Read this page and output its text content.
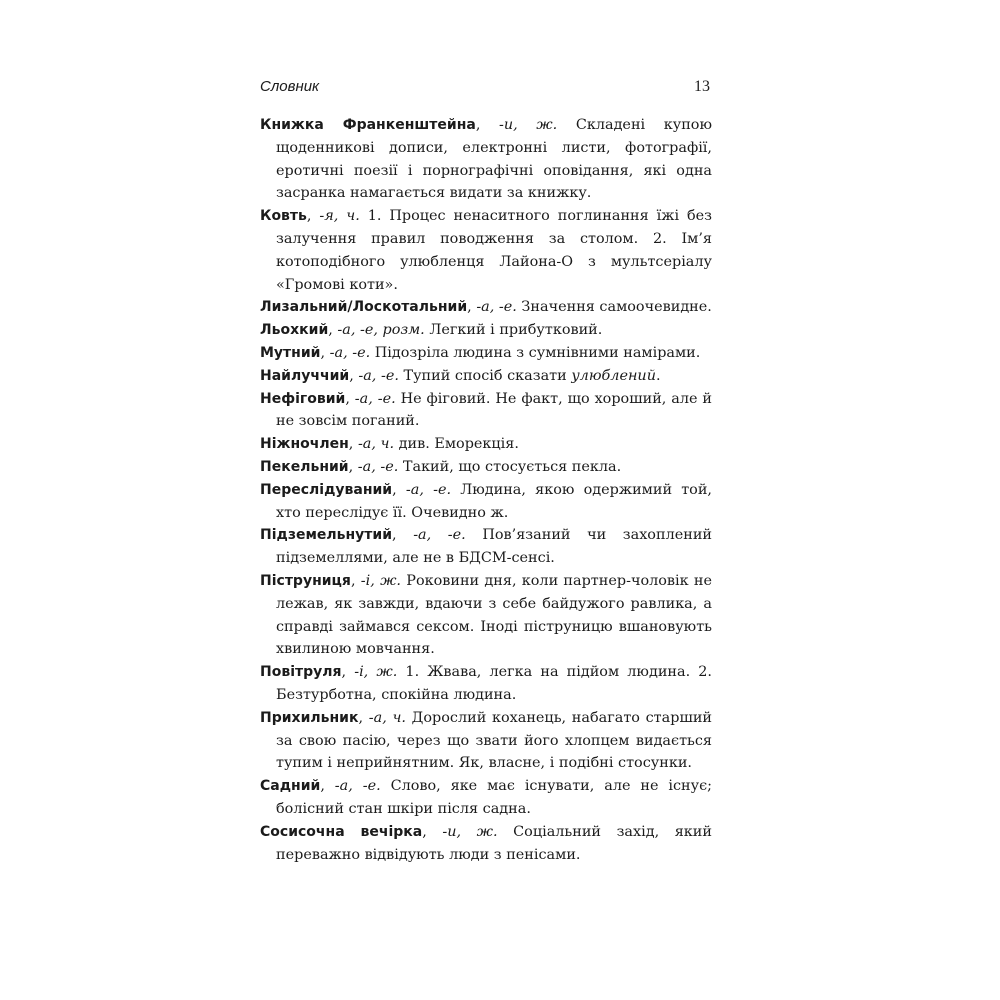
Словник	13

Книжка Франкенштейна, -и, ж. Складені купою щоденникові дописи, електронні листи, фотографії, еротичні поезії і порнографічні оповідання, які одна засранка намагається видати за книжку.

Ковть, -я, ч. 1. Процес ненаситного поглинання їжі без залучення правил поводження за столом. 2. Ім’я котоподібного улюбленця Лайона-О з мультсеріалу «Громові коти».

Лизальний/Лоскотальний, -а, -е. Значення самоочевидне.

Льохкий, -а, -е, розм. Легкий і прибутковий.

Мутний, -а, -е. Підозріла людина з сумнівними намірами.

Найлуччий, -а, -е. Тупий спосіб сказати улюблений.

Нефіговий, -а, -е. Не фіговий. Не факт, що хороший, але й не зовсім поганий.

Ніжночлен, -а, ч. див. Еморекція.

Пекельний, -а, -е. Такий, що стосується пекла.

Переслідуваний, -а, -е. Людина, якою одержимий той, хто переслідує її. Очевидно ж.

Підземельнутий, -а, -е. Пов’язаний чи захоплений підземеллями, але не в БДСМ-сенсі.

Піструниця, -і, ж. Роковини дня, коли партнер-чоловік не лежав, як завжди, вдаючи з себе байдужого равлика, а справді займався сексом. Іноді піструницю вшановують хвилиною мовчання.

Повітруля, -і, ж. 1. Жвава, легка на підйом людина. 2. Безтурботна, спокійна людина.

Прихильник, -а, ч. Дорослий коханець, набагато старший за свою пасію, через що звати його хлопцем видається тупим і неприйнятним. Як, власне, і подібні стосунки.

Садний, -а, -е. Слово, яке має існувати, але не існує; болісний стан шкіри після садна.

Сосисочна вечірка, -и, ж. Соціальний захід, який переважно відвідують люди з пенісами.
